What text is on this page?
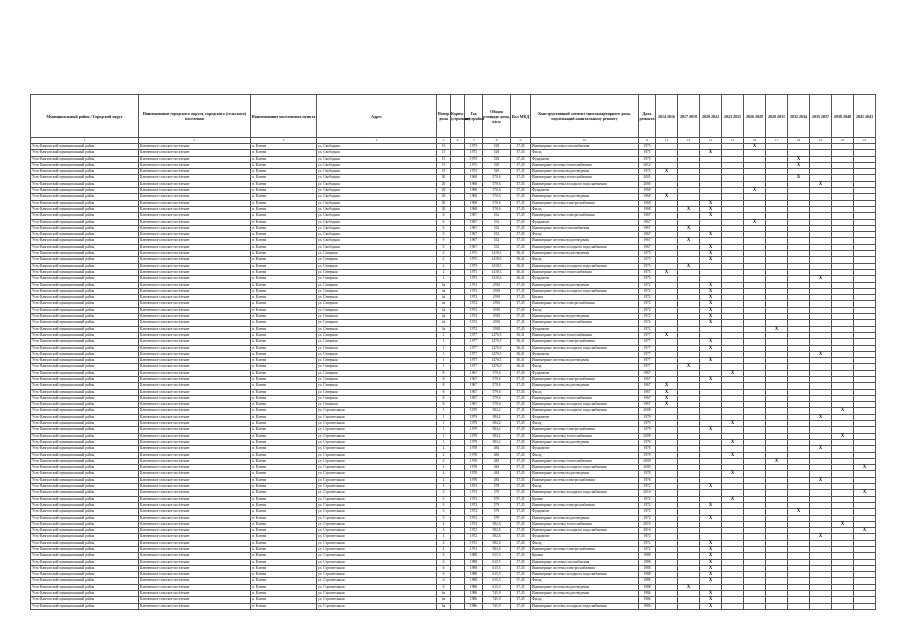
Муниципальный район / Городской округ	Наименование городского округа, городского (сельского) поселения	Наименование населенного пункта	Адрес	Номер дома	Корпус (строение)	Год постройки	Общая площадь дома, кв.м	Кол МКД	Конструктивный элемент многоквартирного дома, подлежащий капитальному ремонту	Дата ремонта	2014 2016	2017 2019	2020 2022	2023 2025	2026 2028	2029 2031	2032 2034	2035 2037	2038 2040	2041 2043
1	2	3	4	5	6	7	8	9	10	11	12	13	14	15	16	17	18	19	20	21
Усть-Камчатский муниципальный район	Ключевское сельское поселение	п. Ключи	ул. Свободная	15		1975	529	37,45	Инженерные системы газоснабжения	1975					X					
Усть-Камчатский муниципальный район	Ключевское сельское поселение	п. Ключи	ул. Свободная	15		1975	529	37,45	Фасад	1975			X							
Усть-Камчатский муниципальный район	Ключевское сельское поселение	п. Ключи	ул. Свободная	15		1975	529	37,45	Фундамент	1975							X			
Усть-Камчатский муниципальный район	Ключевское сельское поселение	п. Ключи	ул. Свободная	15		1975	529	37,45	Инженерные системы теплоснабжения	2012							X			
Усть-Камчатский муниципальный район	Ключевское сельское поселение	п. Ключи	ул. Свободная	15		1975	529	37,45	Инженерные системы водоотведения	1975	X									
Усть-Камчатский муниципальный район	Ключевское сельское поселение	п. Ключи	ул. Свободная	20		1968	570,6	37,45	Инженерные системы теплоснабжения	2005							X			
Усть-Камчатский муниципальный район	Ключевское сельское поселение	п. Ключи	ул. Свободная	20		1968	570,6	37,45	Инженерные системы холодного водоснабжения	2006								X		
Усть-Камчатский муниципальный район	Ключевское сельское поселение	п. Ключи	ул. Свободная	20		1968	570,6	37,45	Фундамент	1968					X					
Усть-Камчатский муниципальный район	Ключевское сельское поселение	п. Ключи	ул. Свободная	20		1968	570,6	37,45	Инженерные системы водоотведения	1968	X									
Усть-Камчатский муниципальный район	Ключевское сельское поселение	п. Ключи	ул. Свободная	20		1968	570,6	37,45	Инженерные системы электроснабжения	1968			X							
Усть-Камчатский муниципальный район	Ключевское сельское поселение	п. Ключи	ул. Свободная	20		1968	570,6	37,45	Фасад	1968		X	X							
Усть-Камчатский муниципальный район	Ключевское сельское поселение	п. Ключи	ул. Свободная	6		1967	532	37,45	Инженерные системы электроснабжения	1967			X							
Усть-Камчатский муниципальный район	Ключевское сельское поселение	п. Ключи	ул. Свободная	6		1967	532	37,45	Фундамент	1967					X					
Усть-Камчатский муниципальный район	Ключевское сельское поселение	п. Ключи	ул. Свободная	6		1967	532	37,45	Инженерные системы газоснабжения	1967		X								
Усть-Камчатский муниципальный район	Ключевское сельское поселение	п. Ключи	ул. Свободная	6		1967	532	37,45	Фасад	1967			X							
Усть-Камчатский муниципальный район	Ключевское сельское поселение	п. Ключи	ул. Свободная	9		1967	532	37,45	Инженерные системы водоотведения	1967		X								
Усть-Камчатский муниципальный район	Ключевское сельское поселение	п. Ключи	ул. Свободная	9		1967	532	37,45	Инженерные системы холодного водоснабжения	1967			X							
Усть-Камчатский муниципальный район	Ключевское сельское поселение	п. Ключи	ул. Северная	2		1975	1418,3	36,41	Инженерные системы водоотведения	1975			X							
Усть-Камчатский муниципальный район	Ключевское сельское поселение	п. Ключи	ул. Северная	2		1975	1418,3	36,41	Фасад	1975			X							
Усть-Камчатский муниципальный район	Ключевское сельское поселение	п. Ключи	ул. Северная	2		1975	1418,3	36,41	Инженерные системы холодного водоснабжения	1975		X								
Усть-Камчатский муниципальный район	Ключевское сельское поселение	п. Ключи	ул. Северная	2		1975	1418,3	36,41	Инженерные системы теплоснабжения	1975	X									
Усть-Камчатский муниципальный район	Ключевское сельское поселение	п. Ключи	ул. Северная	2		1975	1418,3	36,41	Фундамент	1975								X		
Усть-Камчатский муниципальный район	Ключевское сельское поселение	п. Ключи	ул. Северная	4а		1972	2918	37,45	Инженерные системы водоотведения	1972			X							
Усть-Камчатский муниципальный район	Ключевское сельское поселение	п. Ключи	ул. Северная	4а		1972	2918	37,45	Инженерные системы холодного водоснабжения	1972			X							
Усть-Камчатский муниципальный район	Ключевское сельское поселение	п. Ключи	ул. Северная	4а		1972	2918	37,45	Крыша	1972			X							
Усть-Камчатский муниципальный район	Ключевское сельское поселение	п. Ключи	ул. Северная	4а		1972	2918	37,45	Инженерные системы электроснабжения	1972			X							
Усть-Камчатский муниципальный район	Ключевское сельское поселение	п. Ключи	ул. Северная	4а		1972	2918	37,45	Фасад	1972			X							
Усть-Камчатский муниципальный район	Ключевское сельское поселение	п. Ключи	ул. Северная	4а		1972	2918	37,45	Инженерные системы водоотведения	1972			X							
Усть-Камчатский муниципальный район	Ключевское сельское поселение	п. Ключи	ул. Северная	4а		1972	2918	37,45	Инженерные системы теплоснабжения	1972			X							
Усть-Камчатский муниципальный район	Ключевское сельское поселение	п. Ключи	ул. Северная	4а		1972	2918	37,45	Фундамент	1972						X				
Усть-Камчатский муниципальный район	Ключевское сельское поселение	п. Ключи	ул. Северная	1		1977	1476,5	36,41	Инженерные системы теплоснабжения	1977	X									
Усть-Камчатский муниципальный район	Ключевское сельское поселение	п. Ключи	ул. Северная	1		1977	1476,5	36,41	Инженерные системы электроснабжения	1977			X							
Усть-Камчатский муниципальный район	Ключевское сельское поселение	п. Ключи	ул. Северная	1		1977	1476,5	36,41	Инженерные системы холодного водоснабжения	1977			X							
Усть-Камчатский муниципальный район	Ключевское сельское поселение	п. Ключи	ул. Северная	1		1977	1476,5	36,41	Фундамент	1977								X		
Усть-Камчатский муниципальный район	Ключевское сельское поселение	п. Ключи	ул. Северная	1		1977	1476,5	36,41	Инженерные системы водоотведения	1977			X							
Усть-Камчатский муниципальный район	Ключевское сельское поселение	п. Ключи	ул. Северная	1		1977	1476,5	36,41	Фасад	1977		X								
Усть-Камчатский муниципальный район	Ключевское сельское поселение	п. Ключи	ул. Северная	8		1967	579,6	37,45	Фундамент	1967				X						
Усть-Камчатский муниципальный район	Ключевское сельское поселение	п. Ключи	ул. Северная	8		1967	579,6	37,45	Инженерные системы электроснабжения	1967			X							
Усть-Камчатский муниципальный район	Ключевское сельское поселение	п. Ключи	ул. Северная	8		1967	579,6	37,45	Инженерные системы водоотведения	1967	X									
Усть-Камчатский муниципальный район	Ключевское сельское поселение	п. Ключи	ул. Северная	8		1967	579,6	37,45	Фасад	1967	X									
Усть-Камчатский муниципальный район	Ключевское сельское поселение	п. Ключи	ул. Северная	8		1967	579,6	37,45	Инженерные системы теплоснабжения	1967	X									
Усть-Камчатский муниципальный район	Ключевское сельское поселение	п. Ключи	ул. Северная	8		1967	579,6	37,45	Инженерные системы холодного водоснабжения	1967	X									
Усть-Камчатский муниципальный район	Ключевское сельское поселение	п. Ключи	ул. Строительная	1		1979	584,2	37,45	Инженерные системы холодного водоснабжения	2008									X	
Усть-Камчатский муниципальный район	Ключевское сельское поселение	п. Ключи	ул. Строительная	1		1979	584,2	37,45	Фундамент	1979								X		
Усть-Камчатский муниципальный район	Ключевское сельское поселение	п. Ключи	ул. Строительная	1		1979	584,2	37,45	Фасад	1979				X						
Усть-Камчатский муниципальный район	Ключевское сельское поселение	п. Ключи	ул. Строительная	1		1979	584,2	37,45	Инженерные системы электроснабжения	1979			X							
Усть-Камчатский муниципальный район	Ключевское сельское поселение	п. Ключи	ул. Строительная	1		1979	584,2	37,45	Инженерные системы теплоснабжения	2008									X	
Усть-Камчатский муниципальный район	Ключевское сельское поселение	п. Ключи	ул. Строительная	1		1979	584,2	37,45	Инженерные системы водоотведения	1979				X						
Усть-Камчатский муниципальный район	Ключевское сельское поселение	п. Ключи	ул. Строительная	2		1978	484	37,45	Фундамент	1978								X		
Усть-Камчатский муниципальный район	Ключевское сельское поселение	п. Ключи	ул. Строительная	2		1978	484	37,45	Фасад	1978				X						
Усть-Камчатский муниципальный район	Ключевское сельское поселение	п. Ключи	ул. Строительная	2		1978	484	37,45	Инженерные системы теплоснабжения	2009						X				
Усть-Камчатский муниципальный район	Ключевское сельское поселение	п. Ключи	ул. Строительная	2		1978	484	37,45	Инженерные системы холодного водоснабжения	2009										X
Усть-Камчатский муниципальный район	Ключевское сельское поселение	п. Ключи	ул. Строительная	2		1978	484	37,45	Инженерные системы водоотведения	1978				X						
Усть-Камчатский муниципальный район	Ключевское сельское поселение	п. Ключи	ул. Строительная	2		1978	484	37,45	Инженерные системы электроснабжения	1978								X		
Усть-Камчатский муниципальный район	Ключевское сельское поселение	п. Ключи	ул. Строительная	3		1972	579	37,45	Фасад	1972			X							
Усть-Камчатский муниципальный район	Ключевское сельское поселение	п. Ключи	ул. Строительная	3		1972	579	37,45	Инженерные системы холодного водоснабжения	2010										X
Усть-Камчатский муниципальный район	Ключевское сельское поселение	п. Ключи	ул. Строительная	3		1972	579	37,45	Крыша	1972				X						
Усть-Камчатский муниципальный район	Ключевское сельское поселение	п. Ключи	ул. Строительная	3		1972	579	37,45	Инженерные системы электроснабжения	1972			X							
Усть-Камчатский муниципальный район	Ключевское сельское поселение	п. Ключи	ул. Строительная	3		1972	579	37,45	Фундамент	1972							X			
Усть-Камчатский муниципальный район	Ключевское сельское поселение	п. Ключи	ул. Строительная	3		1972	579	37,45	Инженерные системы водоотведения	1972			X							
Усть-Камчатский муниципальный район	Ключевское сельское поселение	п. Ключи	ул. Строительная	4		1972	582,6	37,45	Инженерные системы теплоснабжения	2010									X	
Усть-Камчатский муниципальный район	Ключевское сельское поселение	п. Ключи	ул. Строительная	4		1972	582,6	37,45	Инженерные системы холодного водоснабжения	2010										X
Усть-Камчатский муниципальный район	Ключевское сельское поселение	п. Ключи	ул. Строительная	4		1972	582,6	37,45	Фундамент	1972								X		
Усть-Камчатский муниципальный район	Ключевское сельское поселение	п. Ключи	ул. Строительная	4		1972	582,6	37,45	Фасад	1972			X							
Усть-Камчатский муниципальный район	Ключевское сельское поселение	п. Ключи	ул. Строительная	4		1972	582,6	37,45	Инженерные системы электроснабжения	1972			X							
Усть-Камчатский муниципальный район	Ключевское сельское поселение	п. Ключи	ул. Строительная	6		1988	615,5	37,45	Крыша	1988			X							
Усть-Камчатский муниципальный район	Ключевское сельское поселение	п. Ключи	ул. Строительная	6		1988	615,5	37,45	Инженерные системы газоснабжения	1988			X							
Усть-Камчатский муниципальный район	Ключевское сельское поселение	п. Ключи	ул. Строительная	6		1988	615,5	37,45	Инженерные системы электроснабжения	1988			X							
Усть-Камчатский муниципальный район	Ключевское сельское поселение	п. Ключи	ул. Строительная	6		1988	615,5	37,45	Инженерные системы холодного водоснабжения	1988			X							
Усть-Камчатский муниципальный район	Ключевское сельское поселение	п. Ключи	ул. Строительная	6		1988	615,5	37,45	Фасад	1988			X							
Усть-Камчатский муниципальный район	Ключевское сельское поселение	п. Ключи	ул. Строительная	6		1988	615,5	37,45	Инженерные системы водоотведения	1988		X								
Усть-Камчатский муниципальный район	Ключевское сельское поселение	п. Ключи	ул. Строительная	6а		1986	745,9	37,45	Инженерные системы водоотведения	1986			X							
Усть-Камчатский муниципальный район	Ключевское сельское поселение	п. Ключи	ул. Строительная	6а		1986	745,9	37,45	Фасад	1986			X							
Усть-Камчатский муниципальный район	Ключевское сельское поселение	п. Ключи	ул. Строительная	6а		1986	745,9	37,45	Инженерные системы холодного водоснабжения	1986			X							
